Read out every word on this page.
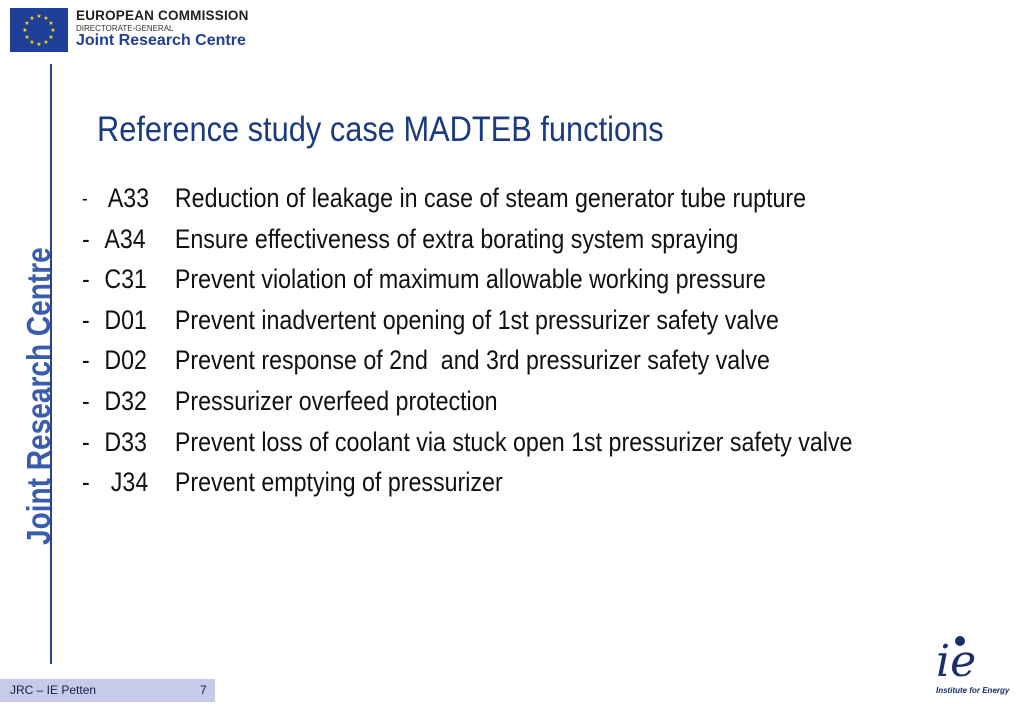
★ ★
★
★
★
★
★
★
★
★
★
★	EUROPEAN COMMISSION
DIRECTORATE-GENERAL
Joint Research Centre
Joint Research Centre
Reference study case MADTEB functions
- A33 Reduction of leakage in case of steam generator tube rupture
- A34 Ensure effectiveness of extra borating system spraying
- C31 Prevent violation of maximum allowable working pressure
- D01 Prevent inadvertent opening of 1st pressurizer safety valve
- D02 Prevent response of 2nd  and 3rd pressurizer safety valve
- D32 Pressurizer overfeed protection
- D33 Prevent loss of coolant via stuck open 1st pressurizer safety valve
- J34 Prevent emptying of pressurizer
JRC – IE Petten	7
ie
Institute for Energy
